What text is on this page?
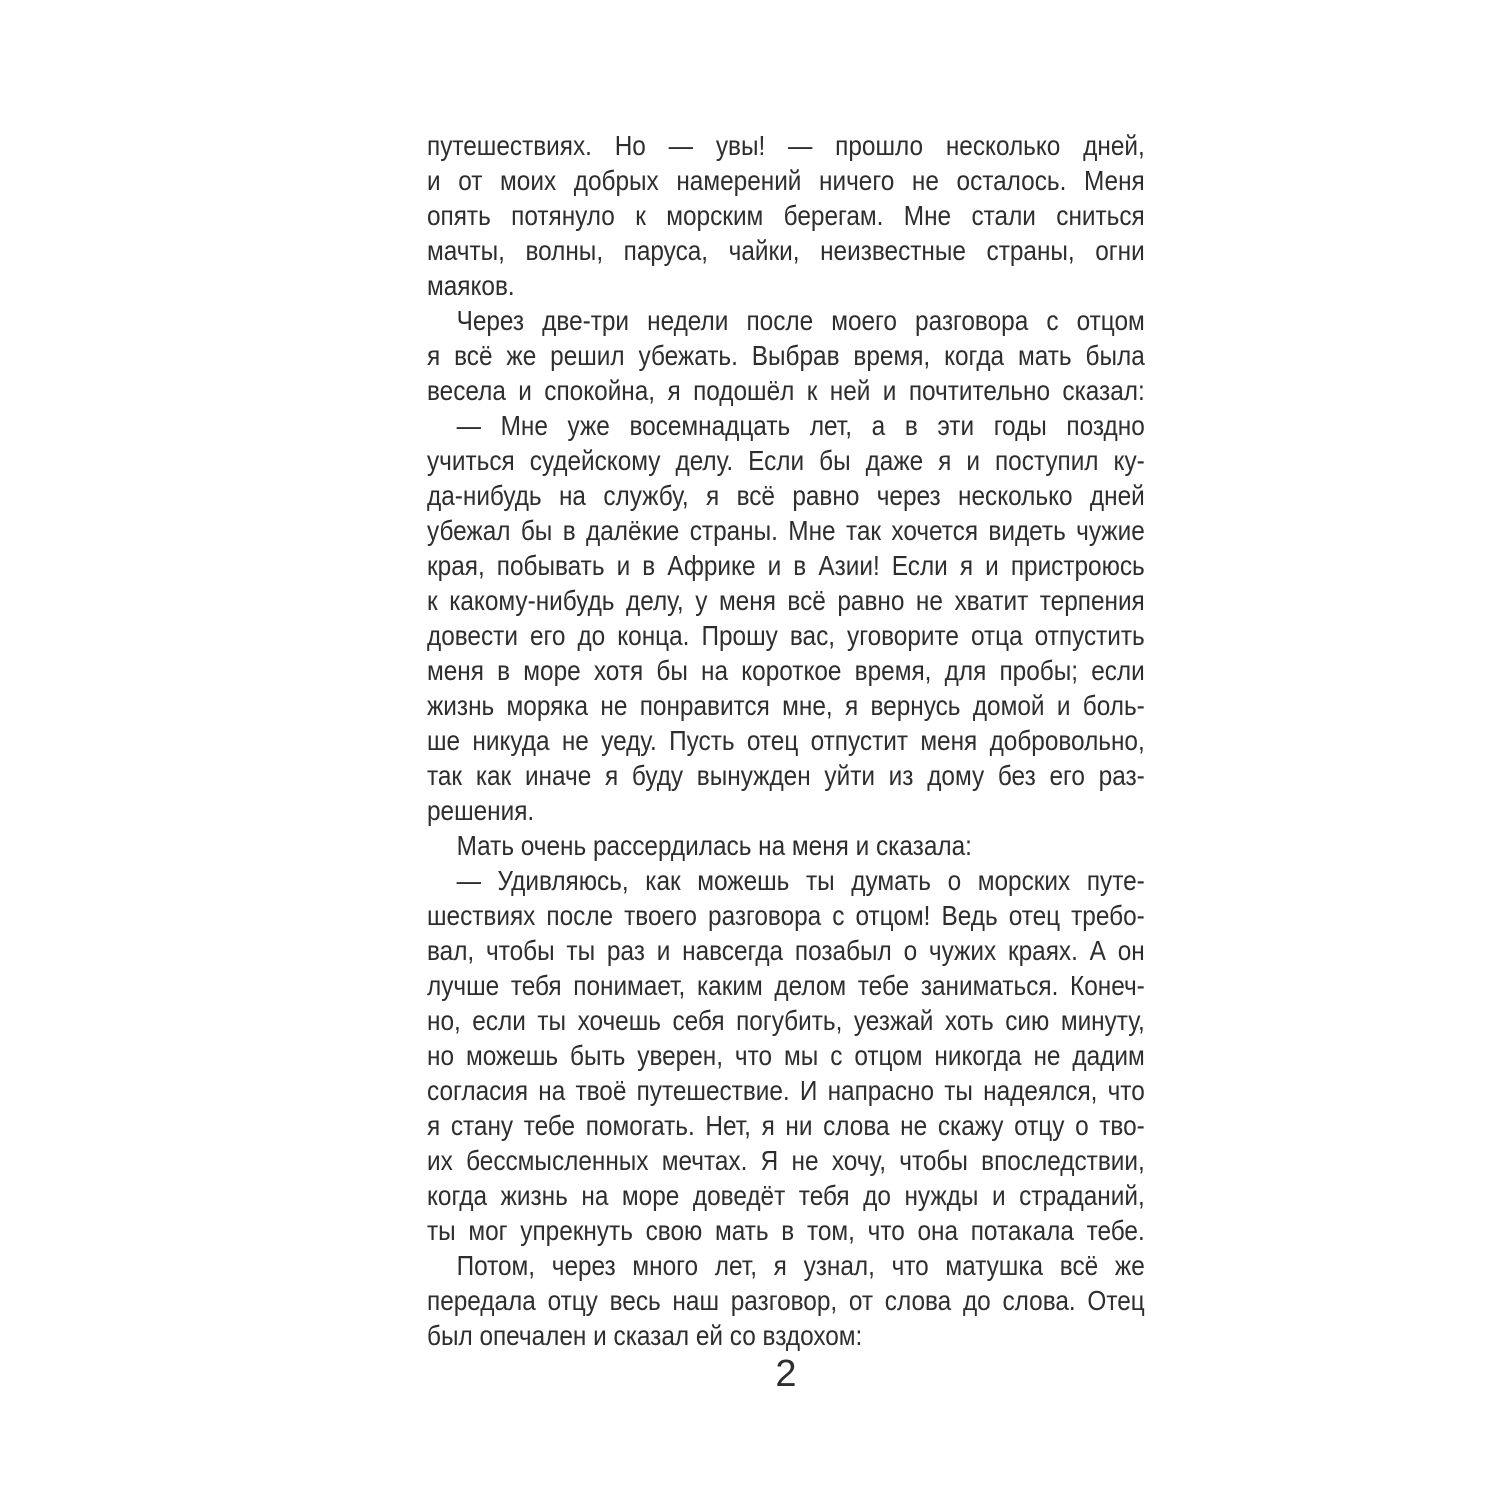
путешествиях. Но — увы! — прошло несколько дней,
и от моих добрых намерений ничего не осталось. Меня
опять потянуло к морским берегам. Мне стали сниться
мачты, волны, паруса, чайки, неизвестные страны, огни
маяков.
Через две-три недели после моего разговора с отцом
я всё же решил убежать. Выбрав время, когда мать была
весела и спокойна, я подошёл к ней и почтительно сказал:
— Мне уже восемнадцать лет, а в эти годы поздно
учиться судейскому делу. Если бы даже я и поступил ку-
да-нибудь на службу, я всё равно через несколько дней
убежал бы в далёкие страны. Мне так хочется видеть чужие
края, побывать и в Африке и в Азии! Если я и пристроюсь
к какому-нибудь делу, у меня всё равно не хватит терпения
довести его до конца. Прошу вас, уговорите отца отпустить
меня в море хотя бы на короткое время, для пробы; если
жизнь моряка не понравится мне, я вернусь домой и боль-
ше никуда не уеду. Пусть отец отпустит меня добровольно,
так как иначе я буду вынужден уйти из дому без его раз-
решения.
Мать очень рассердилась на меня и сказала:
— Удивляюсь, как можешь ты думать о морских путе-
шествиях после твоего разговора с отцом! Ведь отец требо-
вал, чтобы ты раз и навсегда позабыл о чужих краях. А он
лучше тебя понимает, каким делом тебе заниматься. Конеч-
но, если ты хочешь себя погубить, уезжай хоть сию минуту,
но можешь быть уверен, что мы с отцом никогда не дадим
согласия на твоё путешествие. И напрасно ты надеялся, что
я стану тебе помогать. Нет, я ни слова не скажу отцу о тво-
их бессмысленных мечтах. Я не хочу, чтобы впоследствии,
когда жизнь на море доведёт тебя до нужды и страданий,
ты мог упрекнуть свою мать в том, что она потакала тебе.
Потом, через много лет, я узнал, что матушка всё же
передала отцу весь наш разговор, от слова до слова. Отец
был опечален и сказал ей со вздохом:
2
